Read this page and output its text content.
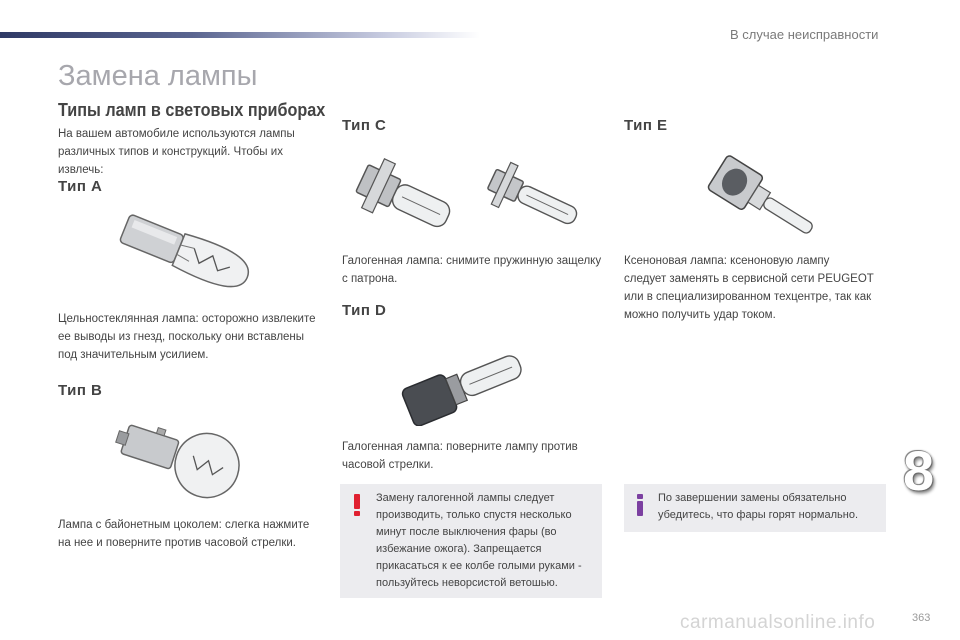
В случае неисправности
Замена лампы
Типы ламп в световых приборах

На вашем автомобиле используются лампы различных типов и конструкций. Чтобы их извлечь:

Тип А

Цельностеклянная лампа: осторожно извлеките ее выводы из гнезд, поскольку они вставлены под значительным усилием.

Тип В

Лампа с байонетным цоколем: слегка нажмите на нее и поверните против часовой стрелки.

Тип С

Галогенная лампа: снимите пружинную защелку с патрона.

Тип D

Галогенная лампа: поверните лампу против часовой стрелки.

Тип Е

Ксеноновая лампа: ксеноновую лампу следует заменять в сервисной сети PEUGEOT или в специализированном техцентре, так как можно получить удар током.

Замену галогенной лампы следует производить, только спустя несколько минут после выключения фары (во избежание ожога). Запрещается прикасаться к ее колбе голыми руками - пользуйтесь неворсистой ветошью.

По завершении замены обязательно убедитесь, что фары горят нормально.

8
carmanualsonline.info	363
